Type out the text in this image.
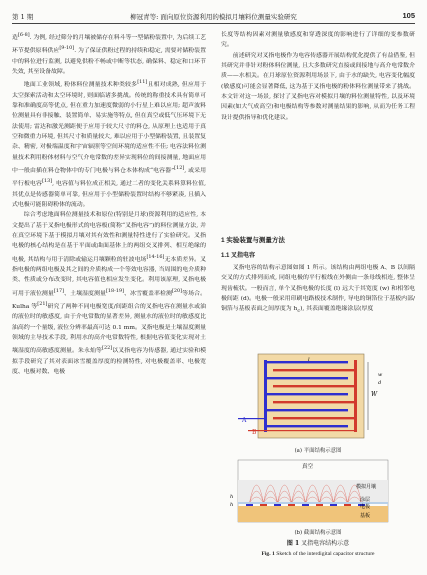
第 1 期	柳冠青等: 面向原位资源利用的模拟月壤料位测量实验研究	105

造[6-8]. 为例, 经过筛分的月壤被储存在料斗等一型储粉装置中, 为后续工艺环节提供原料供应[9-10]. 为了保证供粉过程的持续和稳定, 需要对储粉装置中的料位进行监测, 以避免供粉不畅或中断等状态, 确保料、稳定和口环节失效, 其至设备故障。

地面工业领域, 粉体料位测量技术种类较多[11]且相对成熟, 但应用于太空探索活动和太空环境时, 则面临诸多挑战。传统的称重技术具有简单可靠和准确度高等优点, 但在重力加速度微弱的小行星上难以应用; 超声波料位测量具有非接触、装置简单、易实施等特点, 但在真空或低气压环境下无法使用; 雷达和激光测距便于应用于较大尺寸的料仓, 从原理上也适用于真空和微重力环境, 但其尺寸和质量较大, 难以应用于小型储粉装置, 且装置复杂、精密, 对极端温度和宇宙辐照等空间环境的适应性不佳; 电容法料位测量技术利用粉体材料与空气介电常数的差异实现料位的间接测量, 地面应用中一般由插在料仓物体中的专门电极与料仓本体构成“电容器”[12], 或采用平行板电容[13], 电容值与料位成正相关, 通过二者的变化关系料算料位值, 其优点是传感器简单可靠, 但应用于小型储粉装置时结构不够紧凑, 且插入式电极可能阻碍粉体的流动。

综合考虑地面料位测量技术和原位(特别是月球)资源利用的适应性, 本文提出了基于叉指电极形式的电容板(简称“叉指电容”)的料位测量方法, 并在真空环境下基于模拟月壤对其有效性和测量特性进行了实验研究。叉指电极的核心结构是在基于平面或曲面基体上的两组交叉排列、相互绝缘的电极, 其结构与用于清除或输运月壤颗粒的驻波电场[14-16]无本质差异。叉指电极的两组电极及其之间的介质构成一个等效电容器, 当周围的电介质种类、性质或分布改变时, 其电容值也相应发生变化。利用该原理, 叉指电极可用于液位测量[17]、土壤湿度测量[18-19]、冰雪覆盖率检测[20]等场合。Kulha 等[21]研究了两种不同电极宽度/间距组合的叉指电容在测量水或油的液位时的敏感度, 由于介电常数的显著差异, 测量水的液位时的敏感度比油高约一个量级, 液位分辨率最高可达 0.1 mm。叉指电极是土壤湿度测量领域的主导技术手段, 利用水的高介电常数特性, 根据电容值变化实现对土壤湿度的高敏感度测量。朱永灿等[22]以叉指电容为传感器, 通过实验和模拟手段研究了其对表面冰雪覆盖厚度的检测特性, 对电极覆盖率、电极宽度、电极对数、电极

长度等结构因素对测量敏感度和穿透深度的影响进行了详细的变参数研究。

前述研究对叉指电极作为电容传感器开展结构优化提供了有益借鉴, 但其研究并非针对粉体料位测量, 且大多数研究直接或间接地与高介电常数介质——水相关。在月球原位资源利用场景下, 由于水的缺失, 电容变化幅度(敏感度)可能会显著降低, 这为基于叉指电极的粉体料位测量带来了挑战。本文针对这一场景, 探讨了叉指电容对模拟月壤的料位测量特性, 以及环境因素(如大气成高空)和电极结构等参数对测量结果的影响, 从而为任务工程设计提供指导和优化建议。

1 实验装置与测量方法
1.1 叉指电容

叉指电容的结构示意图如图 1 所示。该结构由两组电极 A、B 以间隔交叉的方式排列而成, 同组电极的平行板线在外侧由一条母线相连, 整体呈现齿梳状。一般而言, 单个叉指电极的长度 (l) 远大于其宽度 (w) 和相邻电极间距 (d)。电极一般采用印刷电路板技术制作, 导电的铜箔位于基板内部/铜箔与基板表面之间厚度为 $h_c$), 其表面覆盖绝缘涂层(厚度

A
B
W
l
w
d
(a) 平面结构示意图
真空
模拟月壤
涂层
电极
基板
h
h
(b) 截面结构示意图
图 1 叉指电容结构示意
Fig. 1 Sketch of the interdigital capacitor structure
